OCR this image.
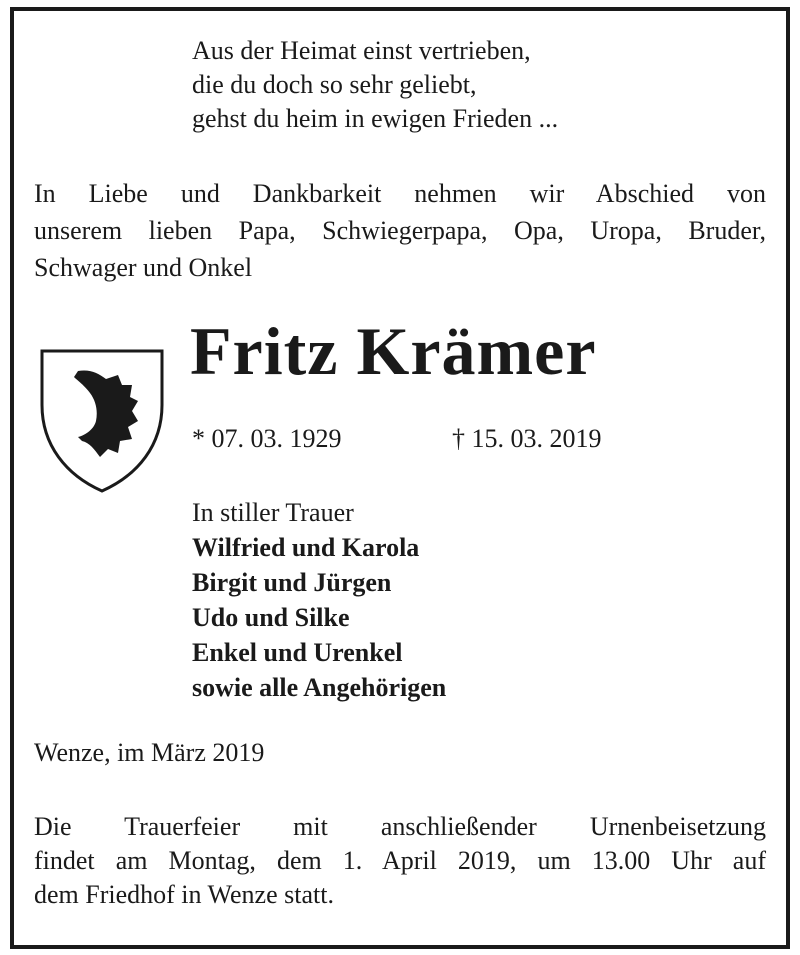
Aus der Heimat einst vertrieben,
die du doch so sehr geliebt,
gehst du heim in ewigen Frieden ...
In Liebe und Dankbarkeit nehmen wir Abschied von
unserem lieben Papa, Schwiegerpapa, Opa, Uropa, Bruder,
Schwager und Onkel
Fritz Krämer
* 07. 03. 1929	† 15. 03. 2019
In stiller Trauer
Wilfried und Karola
Birgit und Jürgen
Udo und Silke
Enkel und Urenkel
sowie alle Angehörigen
Wenze, im März 2019
Die Trauerfeier mit anschließender Urnenbeisetzung
findet am Montag, dem 1. April 2019, um 13.00 Uhr auf
dem Friedhof in Wenze statt.
